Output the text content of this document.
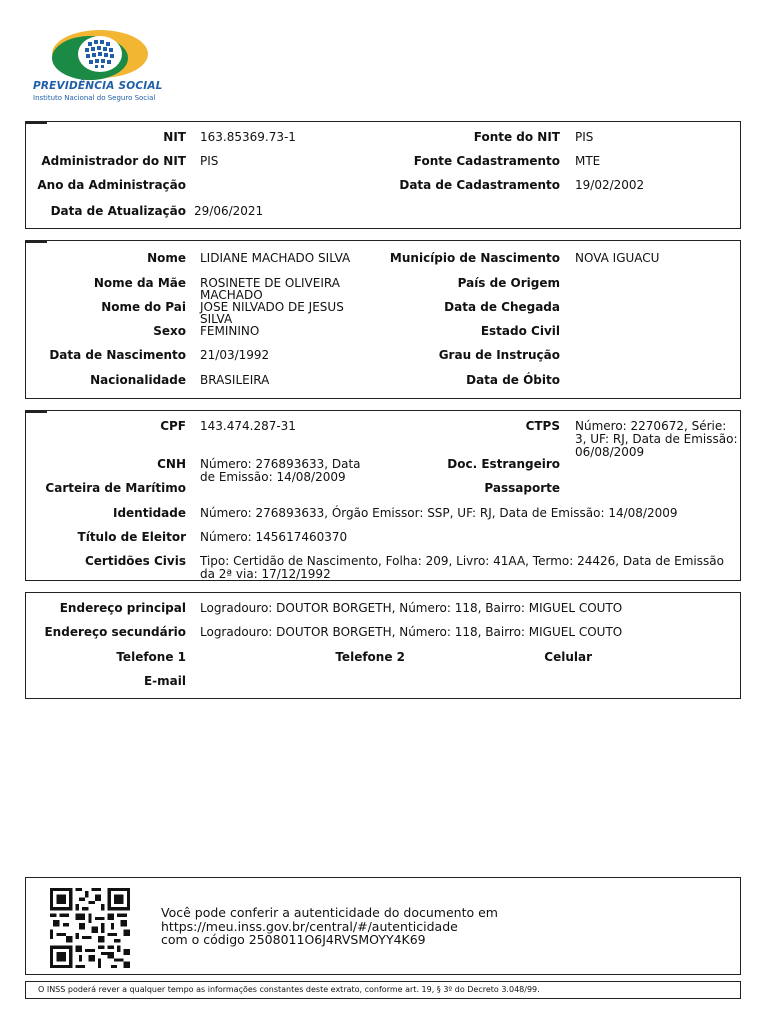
PREVIDÊNCIA SOCIAL
Instituto Nacional do Seguro Social
NIT 163.85369.73-1
Administrador do NIT PIS
Ano da Administração
Data de Atualização 29/06/2021
Fonte do NIT PIS
Fonte Cadastramento MTE
Data de Cadastramento 19/02/2002
Nome LIDIANE MACHADO SILVA
Nome da Mãe ROSINETE DE OLIVEIRA MACHADO
Nome do Pai JOSE NILVADO DE JESUS SILVA
Sexo FEMININO
Data de Nascimento 21/03/1992
Nacionalidade BRASILEIRA
Município de Nascimento NOVA IGUACU
País de Origem
Data de Chegada
Estado Civil
Grau de Instrução
Data de Óbito
CPF 143.474.287-31
CNH Número: 276893633, Data de Emissão: 14/08/2009
Carteira de Marítimo
Identidade Número: 276893633, Órgão Emissor: SSP, UF: RJ, Data de Emissão: 14/08/2009
Título de Eleitor Número: 145617460370
Certidões Civis Tipo: Certidão de Nascimento, Folha: 209, Livro: 41AA, Termo: 24426, Data de Emissão da 2ª via: 17/12/1992
CTPS Número: 2270672, Série: 3, UF: RJ, Data de Emissão: 06/08/2009
Doc. Estrangeiro
Passaporte
Endereço principal Logradouro: DOUTOR BORGETH, Número: 118, Bairro: MIGUEL COUTO
Endereço secundário Logradouro: DOUTOR BORGETH, Número: 118, Bairro: MIGUEL COUTO
Telefone 1	Telefone 2	Celular
E-mail
Você pode conferir a autenticidade do documento em
https://meu.inss.gov.br/central/#/autenticidade
com o código 2508011O6J4RVSMOYY4K69
O INSS poderá rever a qualquer tempo as informações constantes deste extrato, conforme art. 19, § 3º do Decreto 3.048/99.
